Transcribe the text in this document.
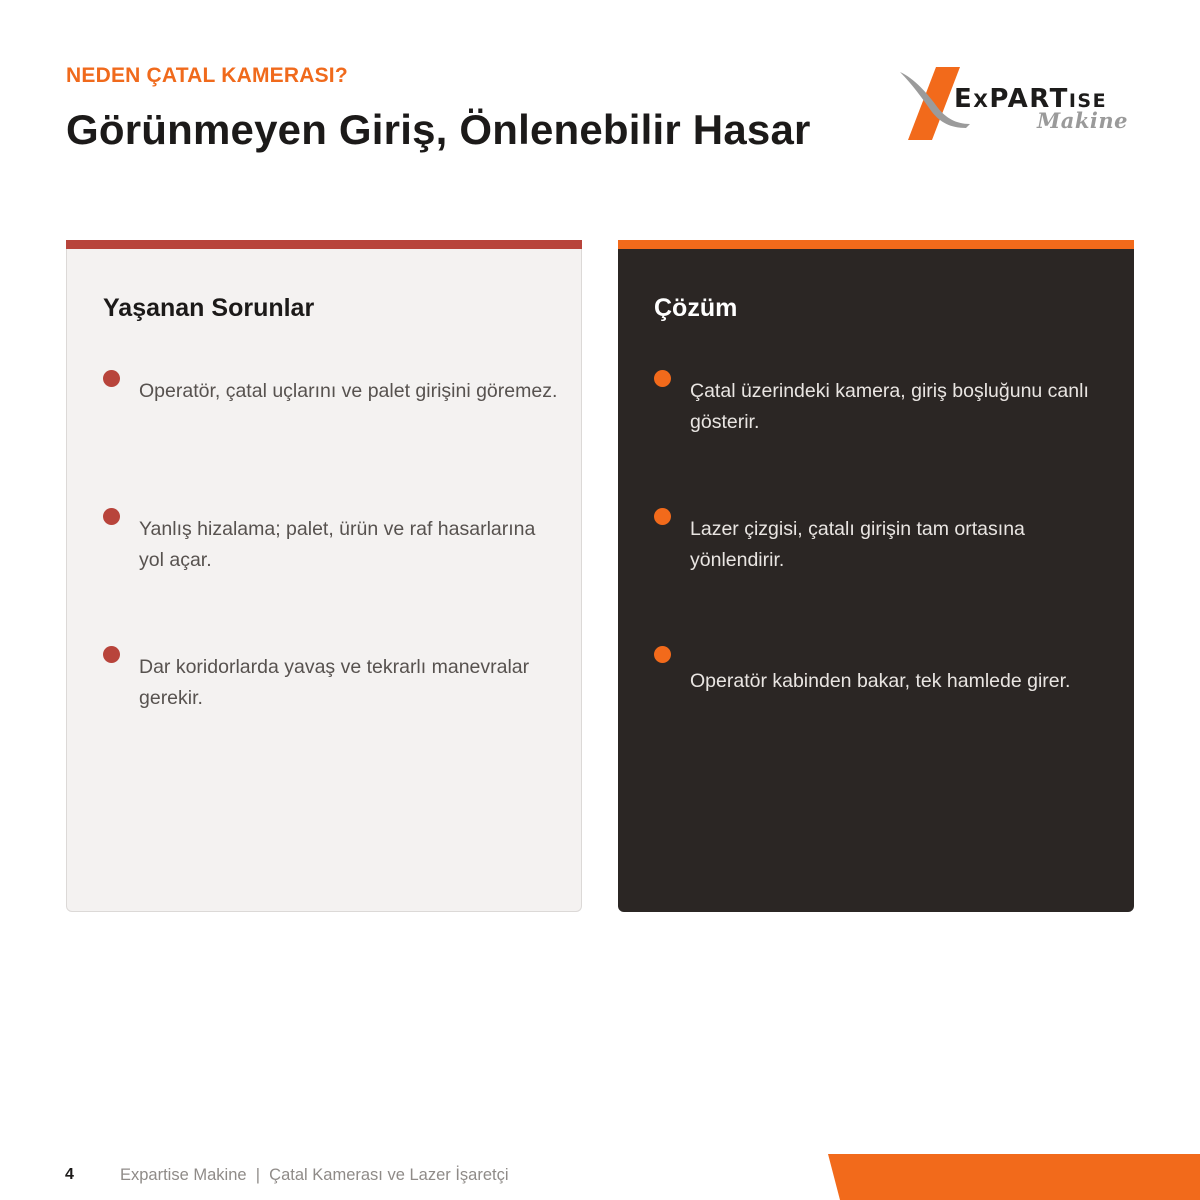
NEDEN ÇATAL KAMERASI?
Görünmeyen Giriş, Önlenebilir Hasar
EXPARTISE
Makine
Yaşanan Sorunlar

Operatör, çatal uçlarını ve palet girişini göremez.

Yanlış hizalama; palet, ürün ve raf hasarlarına yol açar.

Dar koridorlarda yavaş ve tekrarlı manevralar gerekir.

Çözüm

Çatal üzerindeki kamera, giriş boşluğunu canlı gösterir.

Lazer çizgisi, çatalı girişin tam ortasına yönlendirir.

Operatör kabinden bakar, tek hamlede girer.

4	Expartise Makine  |  Çatal Kamerası ve Lazer İşaretçi
